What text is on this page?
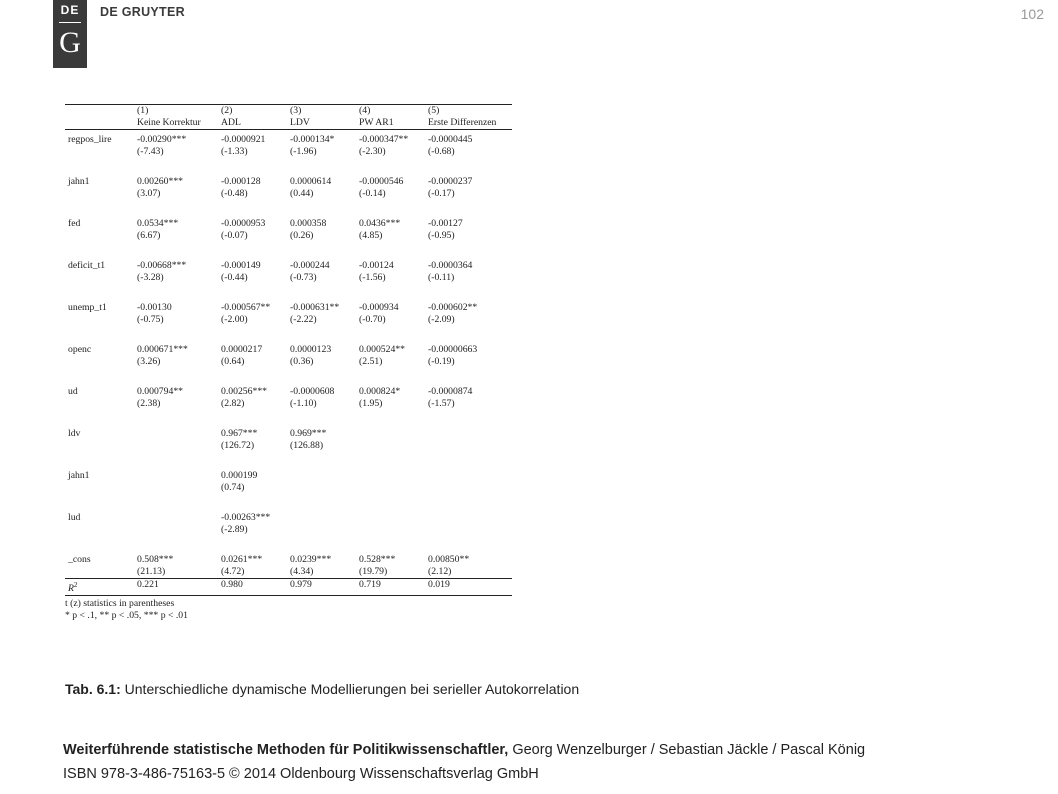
DE
G
DE GRUYTER	102
	(1)	(2)	(3)	(4)	(5)
	Keine Korrektur	ADL	LDV	PW AR1	Erste Differenzen

regpos_lire	-0.00290***	-0.0000921	-0.000134*	-0.000347**	-0.0000445
	(-7.43)	(-1.33)	(-1.96)	(-2.30)	(-0.68)

jahn1	0.00260***	-0.000128	0.0000614	-0.0000546	-0.0000237
	(3.07)	(-0.48)	(0.44)	(-0.14)	(-0.17)

fed	0.0534***	-0.0000953	0.000358	0.0436***	-0.00127
	(6.67)	(-0.07)	(0.26)	(4.85)	(-0.95)

deficit_t1	-0.00668***	-0.000149	-0.000244	-0.00124	-0.0000364
	(-3.28)	(-0.44)	(-0.73)	(-1.56)	(-0.11)

unemp_t1	-0.00130	-0.000567**	-0.000631**	-0.000934	-0.000602**
	(-0.75)	(-2.00)	(-2.22)	(-0.70)	(-2.09)

openc	0.000671***	0.0000217	0.0000123	0.000524**	-0.00000663
	(3.26)	(0.64)	(0.36)	(2.51)	(-0.19)

ud	0.000794**	0.00256***	-0.0000608	0.000824*	-0.0000874
	(2.38)	(2.82)	(-1.10)	(1.95)	(-1.57)

ldv		0.967***	0.969***		
		(126.72)	(126.88)		

jahn1		0.000199			
		(0.74)			

lud		-0.00263***			
		(-2.89)			

_cons	0.508***	0.0261***	0.0239***	0.528***	0.00850**
	(21.13)	(4.72)	(4.34)	(19.79)	(2.12)
$R^2$	0.221	0.980	0.979	0.719	0.019
t (z) statistics in parentheses
* p < .1, ** p < .05, *** p < .01
Tab. 6.1: Unterschiedliche dynamische Modellierungen bei serieller Autokorrelation
Weiterführende statistische Methoden für Politikwissenschaftler, Georg Wenzelburger / Sebastian Jäckle / Pascal König
ISBN 978-3-486-75163-5 © 2014 Oldenbourg Wissenschaftsverlag GmbH
